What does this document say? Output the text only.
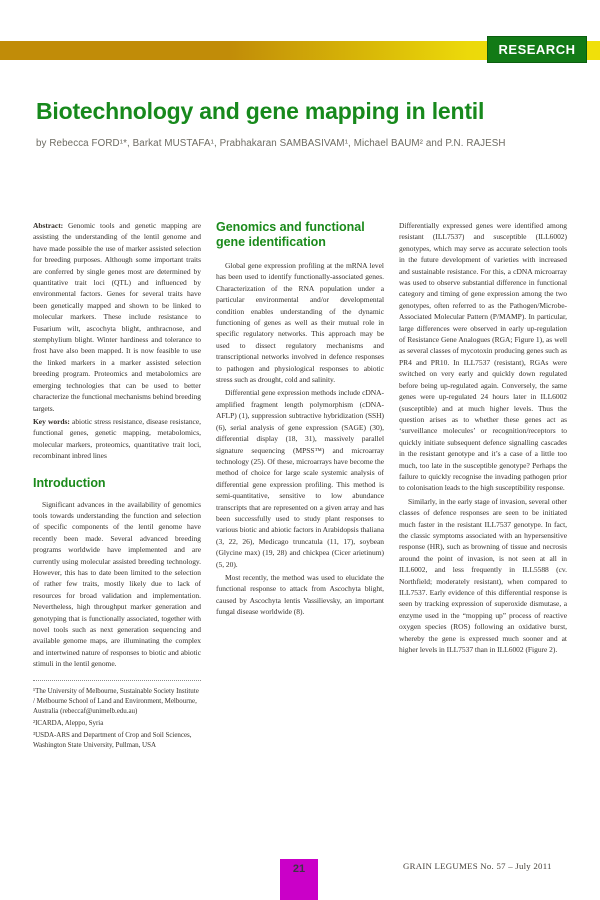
RESEARCH
Biotechnology and gene mapping in lentil

by Rebecca FORD¹*, Barkat MUSTAFA¹, Prabhakaran SAMBASIVAM¹, Michael BAUM² and P.N. RAJESH

Abstract: Genomic tools and genetic mapping are assisting the understanding of the lentil genome and have made possible the use of marker assisted selection for breeding purposes. Although some important traits are conferred by single genes most are determined by quantitative trait loci (QTL) and influenced by environmental factors. Genes for several traits have been genetically mapped and shown to be linked to molecular markers. These include resistance to Fusarium wilt, ascochyta blight, anthracnose, and stemphylium blight. Winter hardiness and tolerance to frost have also been mapped. It is now feasible to use the linked markers in a marker assisted selection breeding program. Proteomics and metabolomics are emerging technologies that can be used to better characterize the functional mechanisms behind breeding targets.

Key words: abiotic stress resistance, disease resistance, functional genes, genetic mapping, metabolomics, molecular markers, proteomics, quantitative trait loci, recombinant inbred lines

Introduction

Significant advances in the availability of genomics tools towards understanding the function and selection of specific components of the lentil genome have recently been made. Several advanced breeding programs worldwide have implemented and are currently using molecular assisted breeding technology. However, this has to date been limited to the selection of rather few traits, mostly likely due to lack of resources for broad validation and implementation. Nevertheless, high throughput marker generation and genotyping that is functionally associated, together with novel tools such as next generation sequencing and available genome maps, are illuminating the complex and intertwined nature of responses to biotic and abiotic stimuli in the lentil genome.

¹The University of Melbourne, Sustainable Society Institute / Melbourne School of Land and Environment, Melbourne, Australia (rebeccaf@unimelb.edu.au)

²ICARDA, Aleppo, Syria

³USDA-ARS and Department of Crop and Soil Sciences, Washington State University, Pullman, USA

Genomics and functional gene identification

Global gene expression profiling at the mRNA level has been used to identify functionally-associated genes. Characterization of the RNA population under a particular environmental and/or developmental condition enables understanding of the dynamic functioning of genes as well as their mutual role in specific regulatory networks. This approach may be used to dissect regulatory mechanisms and transcriptional networks involved in defence responses to pathogen and physiological responses to abiotic stress such as drought, cold and salinity.

Differential gene expression methods include cDNA-amplified fragment length polymorphism (cDNA-AFLP) (1), suppression subtractive hybridization (SSH) (6), serial analysis of gene expression (SAGE) (30), differential display (18, 31), massively parallel signature sequencing (MPSS™) and microarray technology (25). Of these, microarrays have become the method of choice for large scale systemic analysis of differential gene expression profiling. This method is semi-quantitative, sensitive to low abundance transcripts that are represented on a given array and has been successfully used to study plant responses to various biotic and abiotic factors in Arabidopsis thaliana (3, 22, 26), Medicago truncatula (11, 17), soybean (Glycine max) (19, 28) and chickpea (Cicer arietinum) (5, 20).

Most recently, the method was used to elucidate the functional response to attack from Ascochyta blight, caused by Ascochyta lentis Vassilievsky, an important fungal disease worldwide (8).

Differentially expressed genes were identified among resistant (ILL7537) and susceptible (ILL6002) genotypes, which may serve as accurate selection tools in the future development of varieties with increased and sustainable resistance. For this, a cDNA microarray was used to observe substantial difference in functional category and timing of gene expression among the two genotypes, often referred to as the Pathogen/Microbe-Associated Molecular Pattern (P/MAMP). In particular, large differences were observed in early up-regulation of Resistance Gene Analogues (RGA; Figure 1), as well as several classes of mycotoxin producing genes such as PR4 and PR10. In ILL7537 (resistant), RGAs were switched on very early and quickly down regulated before being up-regulated again. Conversely, the same genes were up-regulated 24 hours later in ILL6002 (susceptible) and at much higher levels. Thus the question arises as to whether these genes act as ‘surveillance molecules’ or recognition/receptors to quickly initiate subsequent defence signalling cascades in the resistant genotype and it’s a case of a little too much, too late in the susceptible genotype? Perhaps the failure to quickly recognise the invading pathogen prior to colonisation leads to the high susceptibility response.

Similarly, in the early stage of invasion, several other classes of defence responses are seen to be initiated much faster in the resistant ILL7537 genotype. In fact, the classic symptoms associated with an hypersensitive response (HR), such as browning of tissue and necrosis around the point of invasion, is not seen at all in ILL6002, and less frequently in ILL5588 (cv. Northfield; moderately resistant), when compared to ILL7537. Early evidence of this differential response is seen by tracking expression of superoxide dismutase, a enzyme used in the “mopping up” process of reactive oxygen species (ROS) following an oxidative burst, whereby the gene is expressed much sooner and at higher levels in ILL7537 than in ILL6002 (Figure 2).

21	GRAIN LEGUMES No. 57 – July 2011
